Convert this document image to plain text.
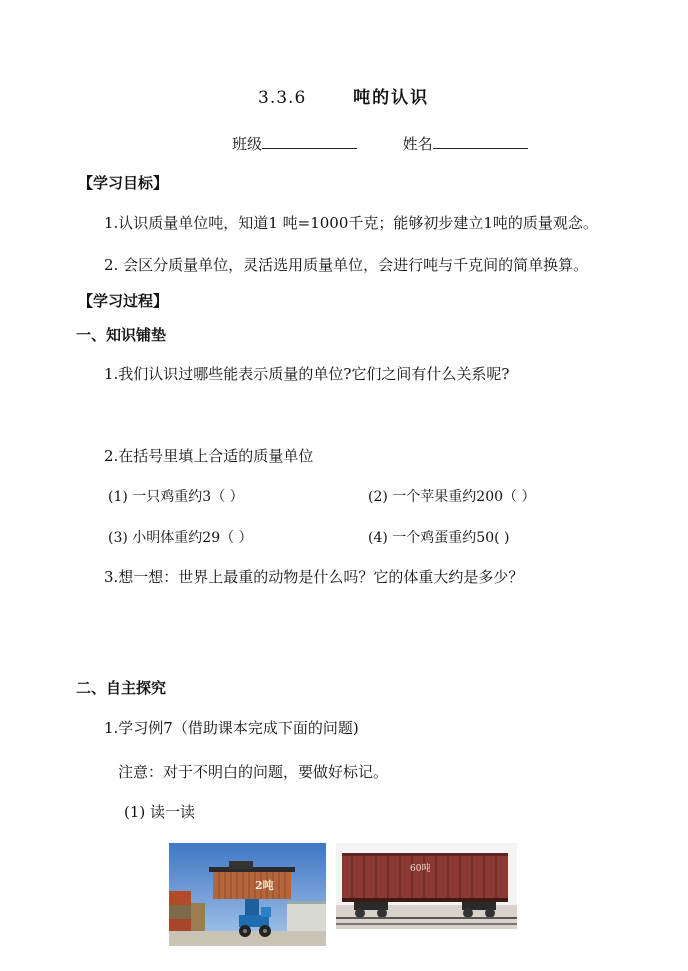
3.3.6	吨的认识
班级	姓名
【学习目标】
1.认识质量单位吨，知道1 吨=1000千克；能够初步建立1吨的质量观念。
2. 会区分质量单位，灵活选用质量单位，会进行吨与千克间的简单换算。
【学习过程】
一、知识铺垫
1.我们认识过哪些能表示质量的单位?它们之间有什么关系呢?
2.在括号里填上合适的质量单位
(1) 一只鸡重约3（ ）	(2) 一个苹果重约200（ ）
(3) 小明体重约29（ ）	(4) 一个鸡蛋重约50( )
3.想一想：世界上最重的动物是什么吗？它的体重大约是多少？
二、自主探究
1.学习例7（借助课本完成下面的问题)
注意：对于不明白的问题，要做好标记。
(1) 读一读
2吨
60吨
